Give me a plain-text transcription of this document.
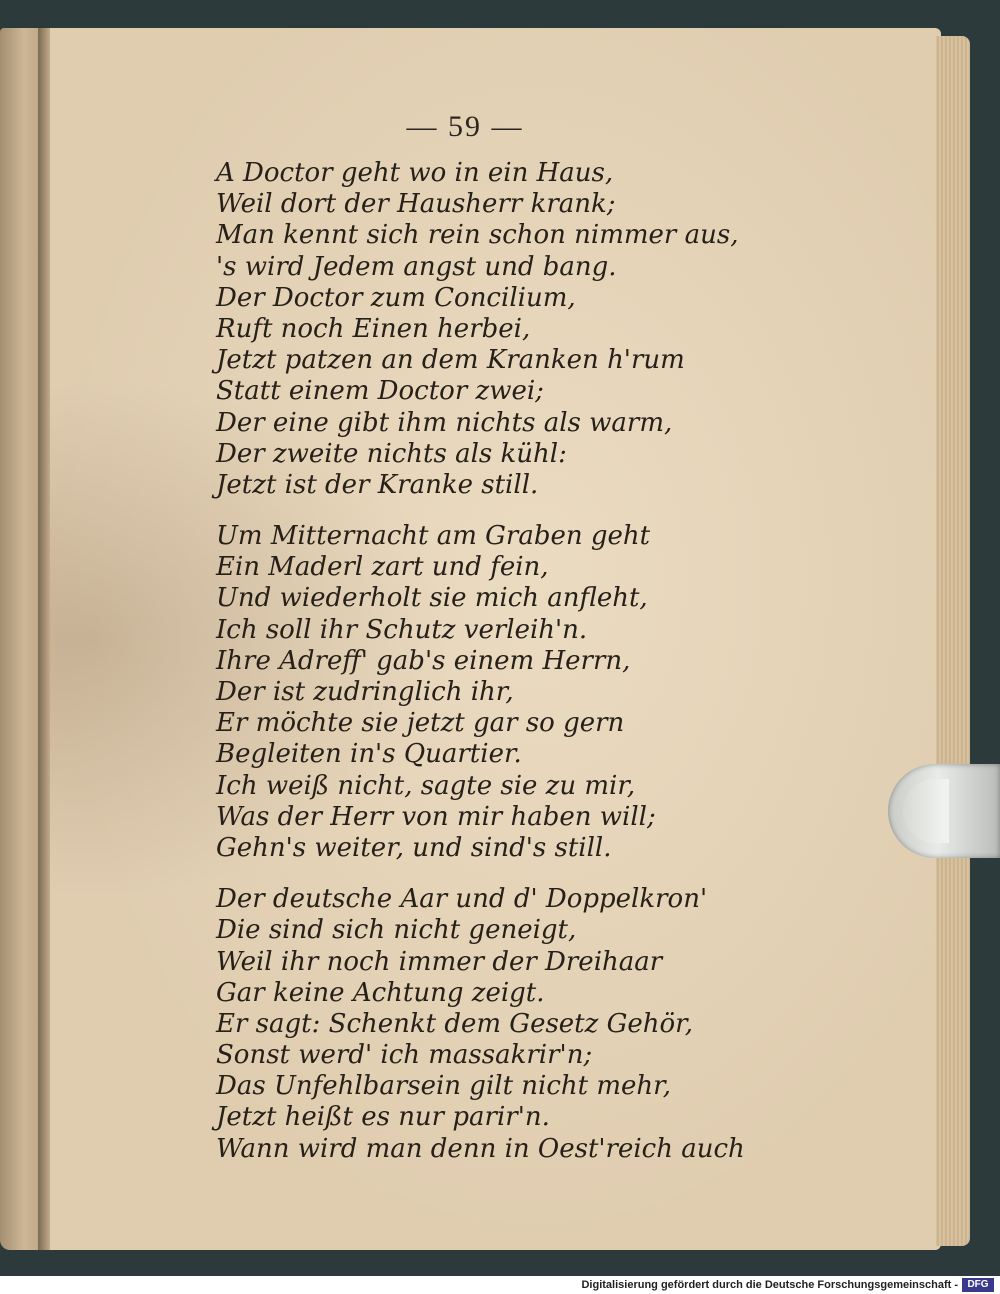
— 59 —
A Doctor geht wo in ein Haus,
Weil dort der Hausherr krank;
Man kennt sich rein schon nimmer aus,
's wird Jedem angst und bang.
Der Doctor zum Concilium,
Ruft noch Einen herbei,
Jetzt patzen an dem Kranken h'rum
Statt einem Doctor zwei;
Der eine gibt ihm nichts als warm,
Der zweite nichts als kühl:
Jetzt ist der Kranke still.
Um Mitternacht am Graben geht
Ein Maderl zart und fein,
Und wiederholt sie mich anfleht,
Ich soll ihr Schutz verleih'n.
Ihre Adreff' gab's einem Herrn,
Der ist zudringlich ihr,
Er möchte sie jetzt gar so gern
Begleiten in's Quartier.
Ich weiß nicht, sagte sie zu mir,
Was der Herr von mir haben will;
Gehn's weiter, und sind's still.
Der deutsche Aar und d' Doppelkron'
Die sind sich nicht geneigt,
Weil ihr noch immer der Dreihaar
Gar keine Achtung zeigt.
Er sagt: Schenkt dem Gesetz Gehör,
Sonst werd' ich massakrir'n;
Das Unfehlbarsein gilt nicht mehr,
Jetzt heißt es nur parir'n.
Wann wird man denn in Oest'reich auch
Digitalisierung gefördert durch die Deutsche Forschungsgemeinschaft - DFG
